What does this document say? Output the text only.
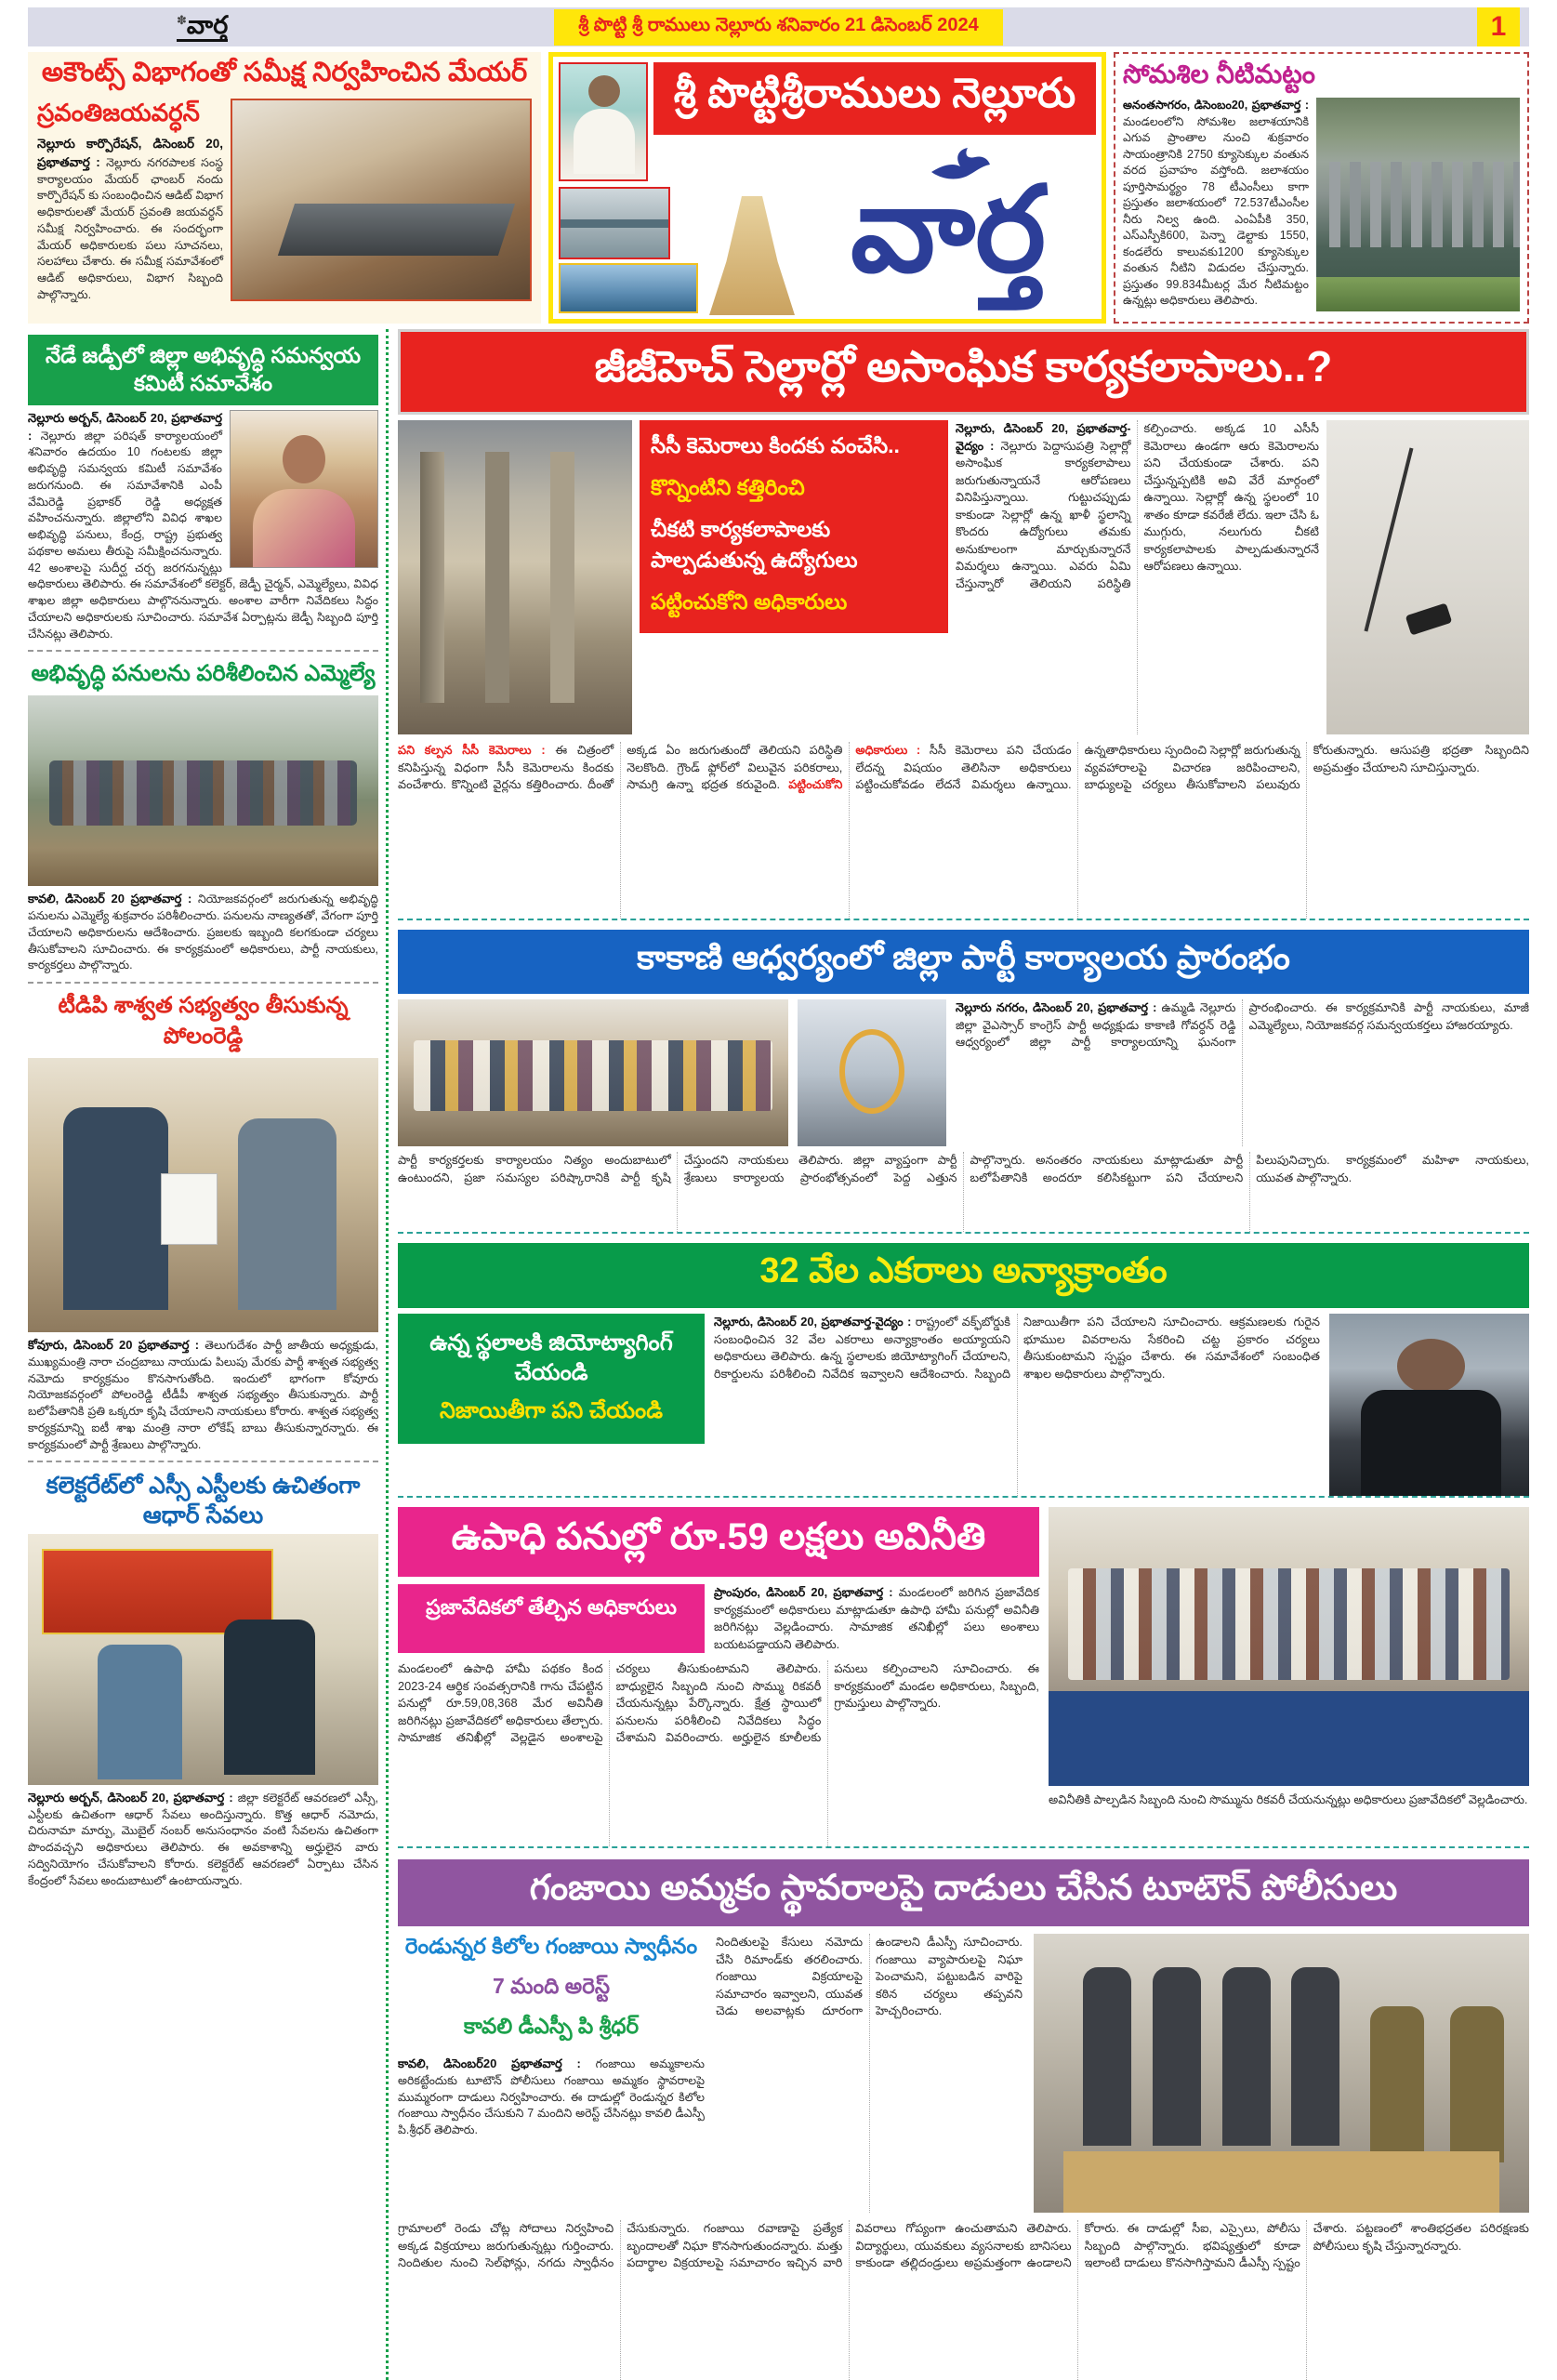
✽వార్త	శ్రీ పొట్టి శ్రీ రాములు నెల్లూరు శనివారం 21 డిసెంబర్ 2024	1
అకౌంట్స్ విభాగంతో సమీక్ష నిర్వహించిన మేయర్
స్రవంతిజయవర్ధన్
నెల్లూరు కార్పొరేషన్, డిసెంబర్ 20, ప్రభాతవార్త : నెల్లూరు నగరపాలక సంస్థ కార్యాలయం మేయర్ ఛాంబర్ నందు కార్పొరేషన్ కు సంబంధించిన ఆడిట్ విభాగ అధికారులతో మేయర్ స్రవంతి జయవర్ధన్ సమీక్ష నిర్వహించారు. ఈ సందర్భంగా మేయర్ అధికారులకు పలు సూచనలు, సలహాలు చేశారు. ఈ సమీక్ష సమావేశంలో ఆడిట్ అధికారులు, విభాగ సిబ్బంది పాల్గొన్నారు.
శ్రీ పొట్టిశ్రీరాములు నెల్లూరు
వార్త
సోమశిల నీటిమట్టం
అనంతసాగరం, డిసెంబం20, ప్రభాతవార్త : మండలంలోని సోమశిల జలాశయానికి ఎగువ ప్రాంతాల నుంచి శుక్రవారం సాయంత్రానికి 2750 క్యూసెక్కుల వంతున వరద ప్రవాహం వస్తోంది. జలాశయం పూర్తిసామర్థ్యం 78 టీఎంసీలు కాగా ప్రస్తుతం జలాశయంలో 72.537టీఎంసీల నీరు నిల్వ ఉంది. ఎంఏపీకి 350, ఎస్ఎస్పీకి600, పెన్నా డెల్టాకు 1550, కండలేరు కాలువకు1200 క్యూసెక్కుల వంతున నీటిని విడుదల చేస్తున్నారు. ప్రస్తుతం 99.834మీటర్ల మేర నీటిమట్టం ఉన్నట్లు అధికారులు తెలిపారు.
నేడే జడ్పీలో జిల్లా అభివృద్ధి సమన్వయ కమిటీ సమావేశం
నెల్లూరు అర్బన్, డిసెంబర్ 20, ప్రభాతవార్త : నెల్లూరు జిల్లా పరిషత్ కార్యాలయంలో శనివారం ఉదయం 10 గంటలకు జిల్లా అభివృద్ధి సమన్వయ కమిటీ సమావేశం జరుగనుంది. ఈ సమావేశానికి ఎంపీ వేమిరెడ్డి ప్రభాకర్ రెడ్డి అధ్యక్షత వహించనున్నారు. జిల్లాలోని వివిధ శాఖల అభివృద్ధి పనులు, కేంద్ర, రాష్ట్ర ప్రభుత్వ పథకాల అమలు తీరుపై సమీక్షించనున్నారు. 42 అంశాలపై సుదీర్ఘ చర్చ జరగనున్నట్లు అధికారులు తెలిపారు. ఈ సమావేశంలో కలెక్టర్, జెడ్పీ చైర్మన్, ఎమ్మెల్యేలు, వివిధ శాఖల జిల్లా అధికారులు పాల్గొననున్నారు. అంశాల వారీగా నివేదికలు సిద్ధం చేయాలని అధికారులకు సూచించారు. సమావేశ ఏర్పాట్లను జెడ్పీ సిబ్బంది పూర్తి చేసినట్లు తెలిపారు.
అభివృద్ధి పనులను పరిశీలించిన ఎమ్మెల్యే
కావలి, డిసెంబర్ 20 ప్రభాతవార్త : నియోజకవర్గంలో జరుగుతున్న అభివృద్ధి పనులను ఎమ్మెల్యే శుక్రవారం పరిశీలించారు. పనులను నాణ్యతతో, వేగంగా పూర్తి చేయాలని అధికారులను ఆదేశించారు. ప్రజలకు ఇబ్బంది కలగకుండా చర్యలు తీసుకోవాలని సూచించారు. ఈ కార్యక్రమంలో అధికారులు, పార్టీ నాయకులు, కార్యకర్తలు పాల్గొన్నారు.
టీడిపి శాశ్వత సభ్యత్వం తీసుకున్న పోలంరెడ్డి
కోవూరు, డిసెంబర్ 20 ప్రభాతవార్త : తెలుగుదేశం పార్టీ జాతీయ అధ్యక్షుడు, ముఖ్యమంత్రి నారా చంద్రబాబు నాయుడు పిలుపు మేరకు పార్టీ శాశ్వత సభ్యత్వ నమోదు కార్యక్రమం కొనసాగుతోంది. ఇందులో భాగంగా కోవూరు నియోజకవర్గంలో పోలంరెడ్డి టీడీపీ శాశ్వత సభ్యత్వం తీసుకున్నారు. పార్టీ బలోపేతానికి ప్రతి ఒక్కరూ కృషి చేయాలని నాయకులు కోరారు. శాశ్వత సభ్యత్వ కార్యక్రమాన్ని ఐటీ శాఖ మంత్రి నారా లోకేష్ బాబు తీసుకున్నారన్నారు. ఈ కార్యక్రమంలో పార్టీ శ్రేణులు పాల్గొన్నారు.
కలెక్టరేట్‌లో ఎస్సీ ఎస్టీలకు ఉచితంగా ఆధార్ సేవలు
నెల్లూరు అర్బన్, డిసెంబర్ 20, ప్రభాతవార్త : జిల్లా కలెక్టరేట్ ఆవరణలో ఎస్సీ, ఎస్టీలకు ఉచితంగా ఆధార్ సేవలు అందిస్తున్నారు. కొత్త ఆధార్ నమోదు, చిరునామా మార్పు, మొబైల్ నంబర్ అనుసంధానం వంటి సేవలను ఉచితంగా పొందవచ్చని అధికారులు తెలిపారు. ఈ అవకాశాన్ని అర్హులైన వారు సద్వినియోగం చేసుకోవాలని కోరారు. కలెక్టరేట్ ఆవరణలో ఏర్పాటు చేసిన కేంద్రంలో సేవలు అందుబాటులో ఉంటాయన్నారు.
జీజీహెచ్ సెల్లార్లో అసాంఘిక కార్యకలాపాలు..?
సీసీ కెమెరాలు కిందకు వంచేసి..
కొన్నింటిని కత్తిరించి
చీకటి కార్యకలాపాలకు పాల్పడుతున్న ఉద్యోగులు
పట్టించుకోని అధికారులు
నెల్లూరు, డిసెంబర్ 20, ప్రభాతవార్త-వైద్యం : నెల్లూరు పెద్దాసుపత్రి సెల్లార్లో అసాంఘిక కార్యకలాపాలు జరుగుతున్నాయనే ఆరోపణలు వినిపిస్తున్నాయి. గుట్టుచప్పుడు కాకుండా సెల్లార్లో ఉన్న ఖాళీ స్థలాన్ని కొందరు ఉద్యోగులు తమకు అనుకూలంగా మార్చుకున్నారనే విమర్శలు ఉన్నాయి. ఎవరు ఏమి చేస్తున్నారో తెలియని పరిస్థితి కల్పించారు. అక్కడ 10 ఎసీసీ కెమెరాలు ఉండగా ఆరు కెమెరాలను పని చేయకుండా చేశారు. పని చేస్తున్నప్పటికి అవి వేరే మార్గంలో ఉన్నాయి. సెల్లార్లో ఉన్న స్థలంలో 10 శాతం కూడా కవరేజీ లేదు. ఇలా చేసి ఓ ముగ్గురు, నలుగురు చీకటి కార్యకలాపాలకు పాల్పడుతున్నారనే ఆరోపణలు ఉన్నాయి.
పని కల్పన సీసీ కెమెరాలు : ఈ చిత్రంలో కనిపిస్తున్న విధంగా సీసీ కెమెరాలను కిందకు వంచేశారు. కొన్నింటి వైర్లను కత్తిరించారు. దీంతో అక్కడ ఏం జరుగుతుందో తెలియని పరిస్థితి నెలకొంది. గ్రౌండ్ ఫ్లోర్‌లో విలువైన పరికరాలు, సామగ్రి ఉన్నా భద్రత కరువైంది. పట్టించుకోని అధికారులు : సీసీ కెమెరాలు పని చేయడం లేదన్న విషయం తెలిసినా అధికారులు పట్టించుకోవడం లేదనే విమర్శలు ఉన్నాయి. ఉన్నతాధికారులు స్పందించి సెల్లార్లో జరుగుతున్న వ్యవహారాలపై విచారణ జరిపించాలని, బాధ్యులపై చర్యలు తీసుకోవాలని పలువురు కోరుతున్నారు. ఆసుపత్రి భద్రతా సిబ్బందిని అప్రమత్తం చేయాలని సూచిస్తున్నారు.
కాకాణి ఆధ్వర్యంలో జిల్లా పార్టీ కార్యాలయ ప్రారంభం
నెల్లూరు నగరం, డిసెంబర్ 20, ప్రభాతవార్త : ఉమ్మడి నెల్లూరు జిల్లా వైఎస్సార్ కాంగ్రెస్ పార్టీ అధ్యక్షుడు కాకాణి గోవర్ధన్ రెడ్డి ఆధ్వర్యంలో జిల్లా పార్టీ కార్యాలయాన్ని ఘనంగా ప్రారంభించారు. ఈ కార్యక్రమానికి పార్టీ నాయకులు, మాజీ ఎమ్మెల్యేలు, నియోజకవర్గ సమన్వయకర్తలు హాజరయ్యారు.
పార్టీ కార్యకర్తలకు కార్యాలయం నిత్యం అందుబాటులో ఉంటుందని, ప్రజా సమస్యల పరిష్కారానికి పార్టీ కృషి చేస్తుందని నాయకులు తెలిపారు. జిల్లా వ్యాప్తంగా పార్టీ శ్రేణులు కార్యాలయ ప్రారంభోత్సవంలో పెద్ద ఎత్తున పాల్గొన్నారు. అనంతరం నాయకులు మాట్లాడుతూ పార్టీ బలోపేతానికి అందరూ కలిసికట్టుగా పని చేయాలని పిలుపునిచ్చారు. కార్యక్రమంలో మహిళా నాయకులు, యువత పాల్గొన్నారు.
32 వేల ఎకరాలు అన్యాక్రాంతం
ఉన్న స్థలాలకి జియోట్యాగింగ్ చేయండి
నిజాయితీగా పని చేయండి
నెల్లూరు, డిసెంబర్ 20, ప్రభాతవార్త-వైద్యం : రాష్ట్రంలో వక్ఫ్‌బోర్డుకి సంబంధించిన 32 వేల ఎకరాలు అన్యాక్రాంతం అయ్యాయని అధికారులు తెలిపారు. ఉన్న స్థలాలకు జియోట్యాగింగ్ చేయాలని, రికార్డులను పరిశీలించి నివేదిక ఇవ్వాలని ఆదేశించారు. సిబ్బంది నిజాయితీగా పని చేయాలని సూచించారు. ఆక్రమణలకు గురైన భూముల వివరాలను సేకరించి చట్ట ప్రకారం చర్యలు తీసుకుంటామని స్పష్టం చేశారు. ఈ సమావేశంలో సంబంధిత శాఖల అధికారులు పాల్గొన్నారు.
ఉపాధి పనుల్లో రూ.59 లక్షలు అవినీతి
ప్రజావేదికలో తేల్చిన అధికారులు
ప్రాంపురం, డిసెంబర్ 20, ప్రభాతవార్త : మండలంలో జరిగిన ప్రజావేదిక కార్యక్రమంలో అధికారులు మాట్లాడుతూ ఉపాధి హామీ పనుల్లో అవినీతి జరిగినట్లు వెల్లడించారు. సామాజిక తనిఖీల్లో పలు అంశాలు బయటపడ్డాయని తెలిపారు.
మండలంలో ఉపాధి హామీ పథకం కింద 2023-24 ఆర్థిక సంవత్సరానికి గాను చేపట్టిన పనుల్లో రూ.59,08,368 మేర అవినీతి జరిగినట్లు ప్రజావేదికలో అధికారులు తేల్చారు. సామాజిక తనిఖీల్లో వెల్లడైన అంశాలపై చర్యలు తీసుకుంటామని తెలిపారు. బాధ్యులైన సిబ్బంది నుంచి సొమ్ము రికవరీ చేయనున్నట్లు పేర్కొన్నారు. క్షేత్ర స్థాయిలో పనులను పరిశీలించి నివేదికలు సిద్ధం చేశామని వివరించారు. అర్హులైన కూలీలకు పనులు కల్పించాలని సూచించారు. ఈ కార్యక్రమంలో మండల అధికారులు, సిబ్బంది, గ్రామస్తులు పాల్గొన్నారు.
అవినీతికి పాల్పడిన సిబ్బంది నుంచి సొమ్మును రికవరీ చేయనున్నట్లు అధికారులు ప్రజావేదికలో వెల్లడించారు.
గంజాయి అమ్మకం స్థావరాలపై దాడులు చేసిన టూటౌన్ పోలీసులు
రెండున్నర కిలోల గంజాయి స్వాధీనం
7 మంది అరెస్ట్
కావలి డీఎస్పీ పి శ్రీధర్
కావలి, డిసెంబర్20 ప్రభాతవార్త : గంజాయి అమ్మకాలను అరికట్టేందుకు టూటౌన్ పోలీసులు గంజాయి అమ్మకం స్థావరాలపై ముమ్మరంగా దాడులు నిర్వహించారు. ఈ దాడుల్లో రెండున్నర కిలోల గంజాయి స్వాధీనం చేసుకుని 7 మందిని అరెస్ట్ చేసినట్లు కావలి డీఎస్పీ పి.శ్రీధర్ తెలిపారు.
నిందితులపై కేసులు నమోదు చేసి రిమాండ్‌కు తరలించారు. గంజాయి విక్రయాలపై సమాచారం ఇవ్వాలని, యువత చెడు అలవాట్లకు దూరంగా ఉండాలని డీఎస్పీ సూచించారు. గంజాయి వ్యాపారులపై నిఘా పెంచామని, పట్టుబడిన వారిపై కఠిన చర్యలు తప్పవని హెచ్చరించారు.
గ్రామాలలో రెండు చోట్ల సోదాలు నిర్వహించి అక్కడ విక్రయాలు జరుగుతున్నట్లు గుర్తించారు. నిందితుల నుంచి సెల్‌ఫోన్లు, నగదు స్వాధీనం చేసుకున్నారు. గంజాయి రవాణాపై ప్రత్యేక బృందాలతో నిఘా కొనసాగుతుందన్నారు. మత్తు పదార్థాల విక్రయాలపై సమాచారం ఇచ్చిన వారి వివరాలు గోప్యంగా ఉంచుతామని తెలిపారు. విద్యార్థులు, యువకులు వ్యసనాలకు బానిసలు కాకుండా తల్లిదండ్రులు అప్రమత్తంగా ఉండాలని కోరారు. ఈ దాడుల్లో సీఐ, ఎస్సైలు, పోలీసు సిబ్బంది పాల్గొన్నారు. భవిష్యత్తులో కూడా ఇలాంటి దాడులు కొనసాగిస్తామని డీఎస్పీ స్పష్టం చేశారు. పట్టణంలో శాంతిభద్రతల పరిరక్షణకు పోలీసులు కృషి చేస్తున్నారన్నారు.
